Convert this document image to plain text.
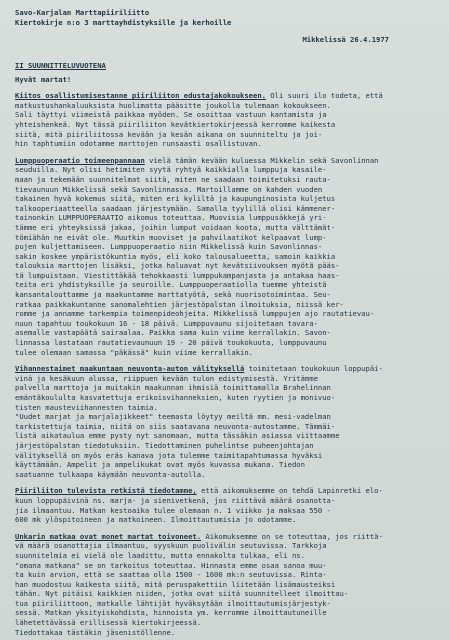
Savo-Karjalan Marttapiiriliitto
Kiertokirje n:o 3 marttayhdistyksille ja kerhoille
Mikkelissä 26.4.1977
II SUUNNITTELUVUOTENA
Hyvät martat!
Kiitos osallistumisestanne piiriliiton edustajakokoukseen. Oli suuri ilo todeta, että
matkustushankaluuksista huolimatta pääsitte joukolla tulemaan kokoukseen.
Sali täyttyi viimeistä paikkaa myöden. Se osoittaa vastuun kantamista ja
yhteishenkeä. Nyt tässä piiriliiton kevätkiertokirjeessä kerromme kaikesta
siitä, mitä piiriliitossa kevään ja kesän aikana on suunniteltu ja joi-
hin taphtumiin odotamme marttojen runsaasti osallistuvan.
Lumppuoperaatio toimeenpannaan vielä tämän kevään kuluessa Mikkelin sekä Savonlinnan
seuduilla. Nyt olisi hetimiten syytä ryhtyä kaikkialla lumppuja kasaile-
maan ja tekemään suunnitelmat siitä, miten ne saadaan toimitetuksi rauta-
tievaunuun Mikkelissä sekä Savonlinnassa. Martoillamme on kahden vuoden
takainen hyvä kokemus siitä, miten eri kyliltä ja kaupunginosista kuljetus
talkooperiaatteella saadaan järjestymään. Samalla tyylillä olisi kämmener-
tainonkin LUMPPUOPERAATIO aikomus toteuttaa. Muovisia lumppusäkkejä yri-
tämme eri yhteyksissä jakaa, joihin lumput voidaan koota, mutta välttämät-
tömiähän ne eivät ole. Muutkin muoviset ja pahvilaatikot kelpaavat lump-
pujen kuljettamiseen. Lumppuoperaatio niin Mikkelissä kuin Savonlinnas-
sakin koskee ympäristökuntia myös, eli koko talousalueetta, samoin kaikkia
talouksia marttojen lisäksi, jotka haluavat nyt kevätsiivouksen myötä pääs-
tä lumpuistaan. Viestittäkää tehokkaasti lumppukampanjasta ja antakaa haas-
teita eri yhdistyksille ja seuroille. Lumppuoperaatiolla tuemme yhteistä
kansantalouttamme ja maakuntamme marttatyötä, sekä nuorisotoimintaa. Seu-
ratkaa paikkakuntanne sanomalehtien järjestöpalstan ilmoituksia, niissä ker-
romme ja annamme tarkempia toimenpideohjeita. Mikkelissä lumppujen ajo rautatievau-
nuun tapahtuu toukokuun 16 - 18 päivä. Lumppuvaunu sijoitetaan tavara-
asemalle vastapäätä sairaalaa. Paikka sama kuin viime kerrallakin. Savon-
linnassa lastataan rautatievaunuun 19 - 20 päivä toukokuuta, lumppuvaunu
tulee olemaan samassa "päkässä" kuin viime kerrallakin.
Vihannestaimet maakuntaan neuvonta-auton välityksellä toimitetaan toukokuun loppupäi-
vinä ja kesäkuun alussa, riippuen kevään tulon edistymisestä. Yritämme
palvella marttoja ja muitakin maakunnan ihmisiä toimittamalla Brahelinnan
emäntäkoululta kasvatettuja erikoisvihanneksien, kuten ryytien ja monivuo-
tisten mausteviihannesten taimia.
"Uudet marjat ja marjalajikkeet" teemasta löytyy meiltä mm. mesi-vadelman
tarkistettuja taimia, niitä on siis saatavana neuvonta-autostamme. Tämmäi-
listä aikataulua emme pysty nyt sanomaan, mutta tässäkin asiassa viittaamme
järjestöpalstan tiedotuksiin. Tiedottaminen puhelintse puheenjohtajan
välityksellä on myös eräs kanava jota tulemme taimitapahtumassa hyväksi
käyttämään. Ampelit ja ampelikukat ovat myös kuvassa mukana. Tiedon
saatuanne tulkaapa käymään neuvonta-autolla.
Piiriliiton tulevista retkistä tiedotamme, että aikomuksemme on tehdä Lapinretki elo-
kuun loppupäivinä ns. marja- ja sienivetkenä, jos riittävä määrä osanotta-
jia ilmaantuu. Matkan kestoaika tulee olemaan n. 1 viikko ja maksaa 550 -
600 mk ylöspitoineen ja matkoineen. Ilmoittautumisia jo odotamme.
Unkarin matkaa ovat monet martat toivoneet. Aikomuksemme on se toteuttaa, jos riittä-
vä määrä osanottajia ilmaantuu, syyskuun puolivälin seutuvissa. Tarkkoja
suunnitelmia ei vielä ole laadittu, mutta ennakolta tulkaa, eli ns.
"omana matkana" se on tarkoitus toteuttaa. Hinnasta emme osaa sanoa muu-
ta kuin arvion, että se saattaa olla 1500 - 1600 mk:n seutuvissa. Rinta-
han muodostuu kaikesta siitä, mitä peruspakettiin liitetään lisämausteiksi
tähän. Nyt pitäisi kaikkien niiden, jotka ovat siitä suunnitelleet ilmoittau-
tua piiriliittoon, matkalle lähtijät hyväksytään ilmoittautumisjärjestyk-
sessä. Matkan yksityiskohdista, hinnoista ym. kerromme ilmoittautuneille
lähetettävässä erillisessä kiertokirjeessä.
Tiedottakaa tästäkin jäsenistöllenne.
